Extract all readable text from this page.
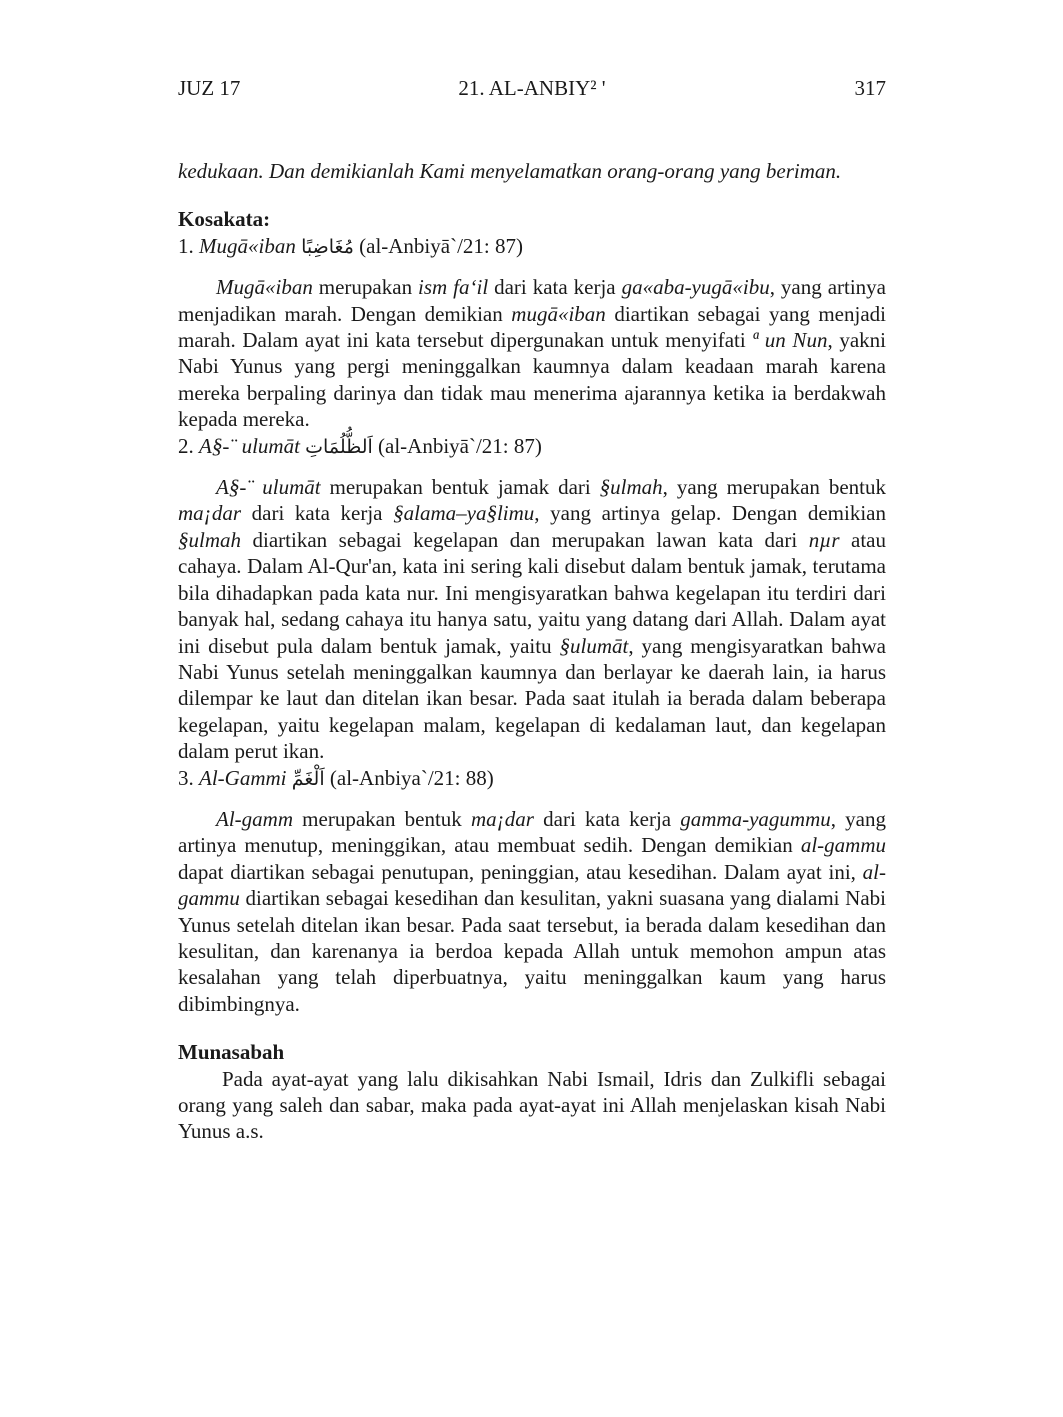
JUZ 17	21. AL-ANBIY² '	317

kedukaan. Dan demikianlah Kami menyelamatkan orang-orang yang beriman.

Kosakata:

1. Mugā«iban مُغَاضِبًا (al-Anbiyā`/21: 87)

Mugā«iban merupakan ism fa‘il dari kata kerja ga«aba-yugā«ibu, yang artinya menjadikan marah. Dengan demikian mugā«iban diartikan sebagai yang menjadi marah. Dalam ayat ini kata tersebut dipergunakan untuk menyifati ª un Nun, yakni Nabi Yunus yang pergi meninggalkan kaumnya dalam keadaan marah karena mereka berpaling darinya dan tidak mau menerima ajarannya ketika ia berdakwah kepada mereka.

2. A§-¨ ulumāt اَلظُّلُمَاتِ (al-Anbiyā`/21: 87)

A§-¨ ulumāt merupakan bentuk jamak dari §ulmah, yang merupakan bentuk ma¡dar dari kata kerja §alama–ya§limu, yang artinya gelap. Dengan demikian §ulmah diartikan sebagai kegelapan dan merupakan lawan kata dari nµr atau cahaya. Dalam Al-Qur'an, kata ini sering kali disebut dalam bentuk jamak, terutama bila dihadapkan pada kata nur. Ini mengisyaratkan bahwa kegelapan itu terdiri dari banyak hal, sedang cahaya itu hanya satu, yaitu yang datang dari Allah. Dalam ayat ini disebut pula dalam bentuk jamak, yaitu §ulumāt, yang mengisyaratkan bahwa Nabi Yunus setelah meninggalkan kaumnya dan berlayar ke daerah lain, ia harus dilempar ke laut dan ditelan ikan besar. Pada saat itulah ia berada dalam beberapa kegelapan, yaitu kegelapan malam, kegelapan di kedalaman laut, dan kegelapan dalam perut ikan.

3. Al-Gammi اَلْغَمِّ (al-Anbiya`/21: 88)

Al-gamm merupakan bentuk ma¡dar dari kata kerja gamma-yagummu, yang artinya menutup, meninggikan, atau membuat sedih. Dengan demikian al-gammu dapat diartikan sebagai penutupan, peninggian, atau kesedihan. Dalam ayat ini, al-gammu diartikan sebagai kesedihan dan kesulitan, yakni suasana yang dialami Nabi Yunus setelah ditelan ikan besar. Pada saat tersebut, ia berada dalam kesedihan dan kesulitan, dan karenanya ia berdoa kepada Allah untuk memohon ampun atas kesalahan yang telah diperbuatnya, yaitu meninggalkan kaum yang harus dibimbingnya.

Munasabah

Pada ayat-ayat yang lalu dikisahkan Nabi Ismail, Idris dan Zulkifli sebagai orang yang saleh dan sabar, maka pada ayat-ayat ini Allah menjelaskan kisah Nabi Yunus a.s.
